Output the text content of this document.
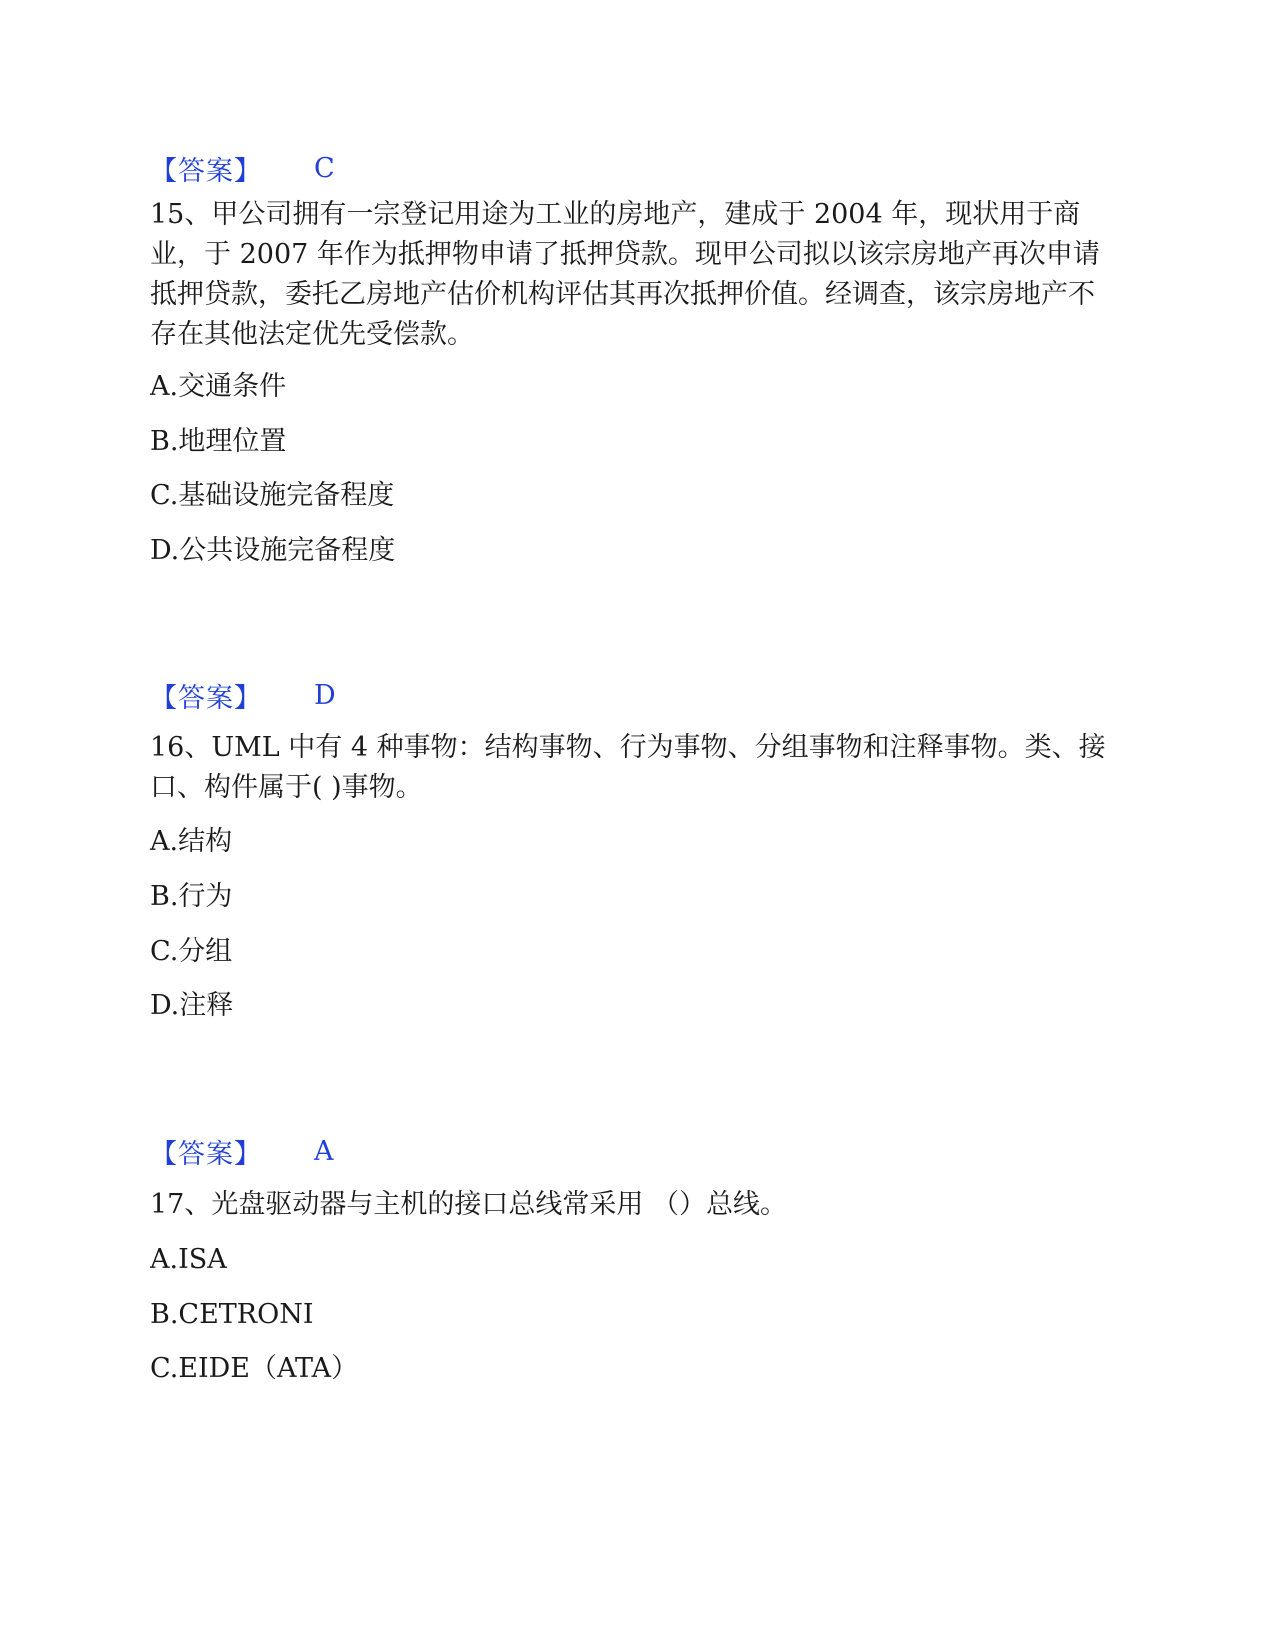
【答案】 C

15、甲公司拥有一宗登记用途为工业的房地产，建成于 2004 年，现状用于商业，于 2007 年作为抵押物申请了抵押贷款。现甲公司拟以该宗房地产再次申请抵押贷款，委托乙房地产估价机构评估其再次抵押价值。经调查，该宗房地产不存在其他法定优先受偿款。

A.交通条件

B.地理位置

C.基础设施完备程度

D.公共设施完备程度

【答案】 D

16、UML 中有 4 种事物：结构事物、行为事物、分组事物和注释事物。类、接口、构件属于( )事物。

A.结构

B.行为

C.分组

D.注释

【答案】 A

17、光盘驱动器与主机的接口总线常采用 （）总线。

A.ISA

B.CETRONI

C.EIDE（ATA）
